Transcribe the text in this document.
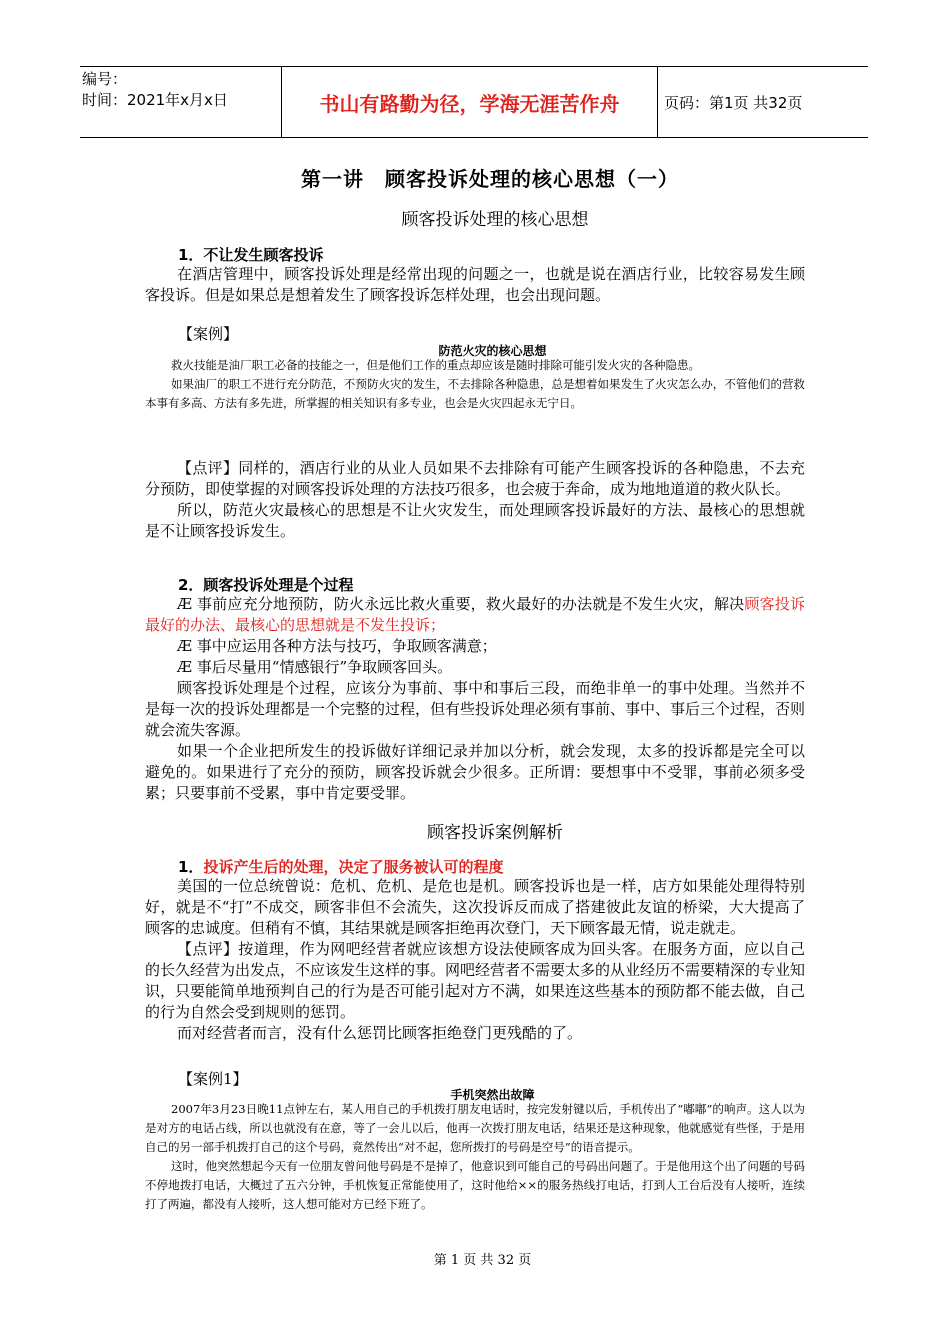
编号：
时间：2021年x月x日	书山有路勤为径，学海无涯苦作舟	页码：第1页 共32页
第一讲　顾客投诉处理的核心思想（一）
顾客投诉处理的核心思想
1．不让发生顾客投诉

在酒店管理中，顾客投诉处理是经常出现的问题之一，也就是说在酒店行业，比较容易发生顾客投诉。但是如果总是想着发生了顾客投诉怎样处理，也会出现问题。

【案例】
防范火灾的核心思想

救火技能是油厂职工必备的技能之一，但是他们工作的重点却应该是随时排除可能引发火灾的各种隐患。

如果油厂的职工不进行充分防范，不预防火灾的发生，不去排除各种隐患，总是想着如果发生了火灾怎么办，不管他们的营救本事有多高、方法有多先进，所掌握的相关知识有多专业，也会是火灾四起永无宁日。

【点评】同样的，酒店行业的从业人员如果不去排除有可能产生顾客投诉的各种隐患，不去充分预防，即使掌握的对顾客投诉处理的方法技巧很多，也会疲于奔命，成为地地道道的救火队长。

所以，防范火灾最核心的思想是不让火灾发生，而处理顾客投诉最好的方法、最核心的思想就是不让顾客投诉发生。

2．顾客投诉处理是个过程

Æ 事前应充分地预防，防火永远比救火重要，救火最好的办法就是不发生火灾，解决顾客投诉最好的办法、最核心的思想就是不发生投诉；

Æ 事中应运用各种方法与技巧，争取顾客满意；

Æ 事后尽量用“情感银行”争取顾客回头。

顾客投诉处理是个过程，应该分为事前、事中和事后三段，而绝非单一的事中处理。当然并不是每一次的投诉处理都是一个完整的过程，但有些投诉处理必须有事前、事中、事后三个过程，否则就会流失客源。

如果一个企业把所发生的投诉做好详细记录并加以分析，就会发现，太多的投诉都是完全可以避免的。如果进行了充分的预防，顾客投诉就会少很多。正所谓：要想事中不受罪，事前必须多受累；只要事前不受累，事中肯定要受罪。

顾客投诉案例解析
1．投诉产生后的处理，决定了服务被认可的程度

美国的一位总统曾说：危机、危机、是危也是机。顾客投诉也是一样，店方如果能处理得特别好，就是不“打”不成交，顾客非但不会流失，这次投诉反而成了搭建彼此友谊的桥梁，大大提高了顾客的忠诚度。但稍有不慎，其结果就是顾客拒绝再次登门，天下顾客最无情，说走就走。

【点评】按道理，作为网吧经营者就应该想方设法使顾客成为回头客。在服务方面，应以自己的长久经营为出发点，不应该发生这样的事。网吧经营者不需要太多的从业经历不需要精深的专业知识，只要能简单地预判自己的行为是否可能引起对方不满，如果连这些基本的预防都不能去做，自己的行为自然会受到规则的惩罚。

而对经营者而言，没有什么惩罚比顾客拒绝登门更残酷的了。

【案例1】
手机突然出故障

2007年3月23日晚11点钟左右，某人用自己的手机拨打朋友电话时，按完发射键以后，手机传出了“嘟嘟”的响声。这人以为是对方的电话占线，所以也就没有在意，等了一会儿以后，他再一次拨打朋友电话，结果还是这种现象，他就感觉有些怪，于是用自己的另一部手机拨打自己的这个号码，竟然传出“对不起，您所拨打的号码是空号”的语音提示。

这时，他突然想起今天有一位朋友曾问他号码是不是掉了，他意识到可能自己的号码出问题了。于是他用这个出了问题的号码不停地拨打电话，大概过了五六分钟，手机恢复正常能使用了，这时他给××的服务热线打电话，打到人工台后没有人接听，连续打了两遍，都没有人接听，这人想可能对方已经下班了。

第 1 页 共 32 页
